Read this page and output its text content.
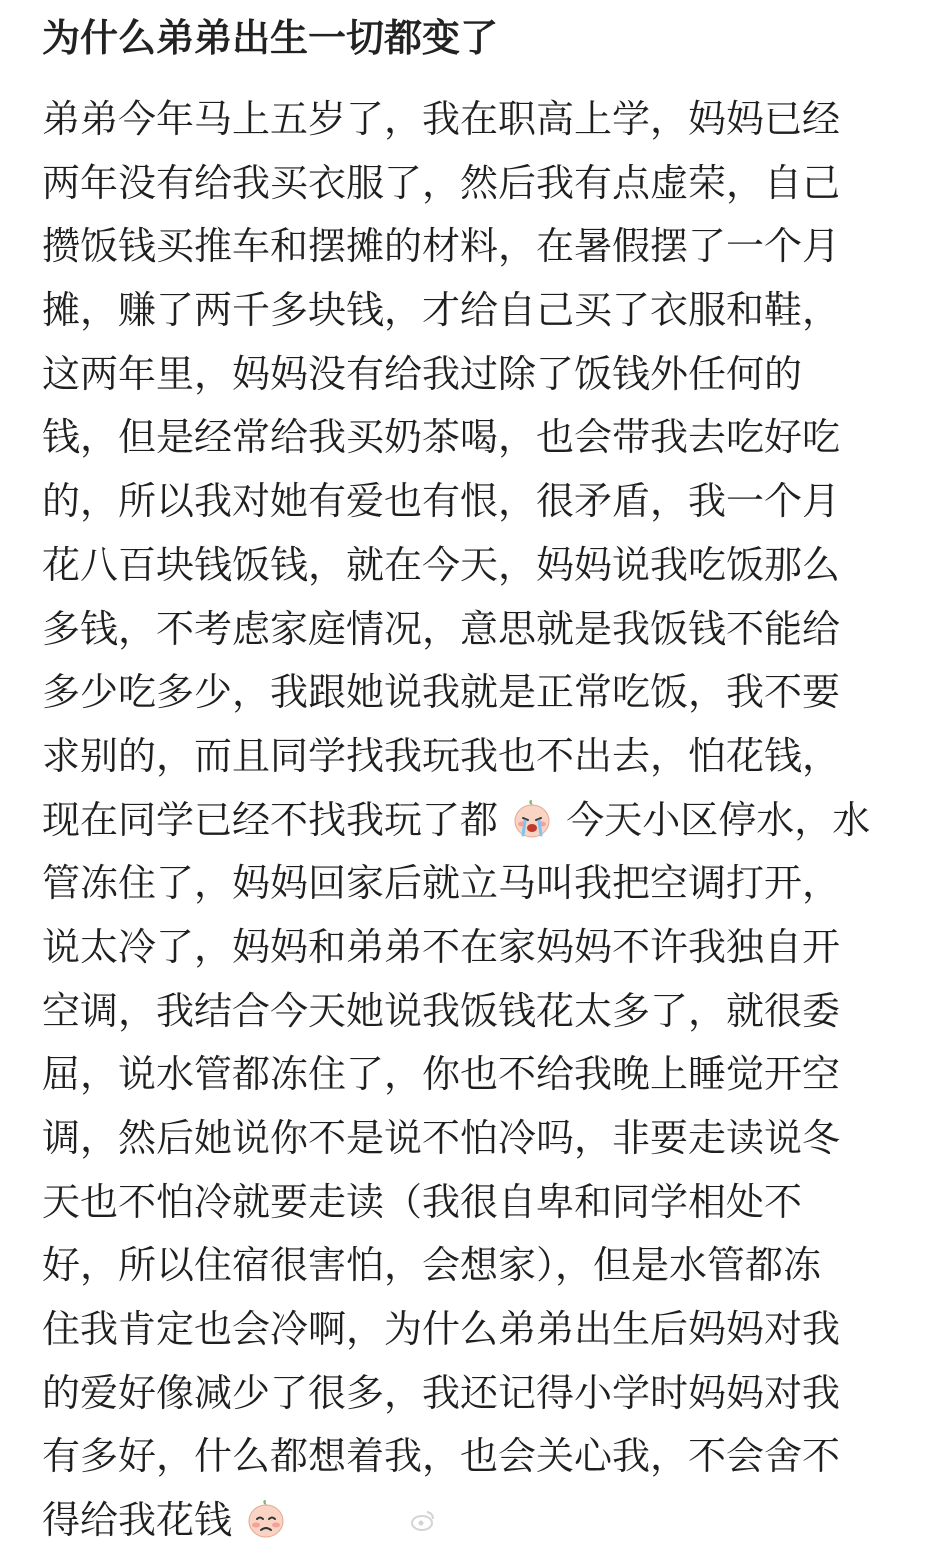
为什么弟弟出生一切都变了
弟弟今年马上五岁了，我在职高上学，妈妈已经
两年没有给我买衣服了，然后我有点虚荣，自己
攒饭钱买推车和摆摊的材料，在暑假摆了一个月
摊，赚了两千多块钱，才给自己买了衣服和鞋，
这两年里，妈妈没有给我过除了饭钱外任何的
钱，但是经常给我买奶茶喝，也会带我去吃好吃
的，所以我对她有爱也有恨，很矛盾，我一个月
花八百块钱饭钱，就在今天，妈妈说我吃饭那么
多钱，不考虑家庭情况，意思就是我饭钱不能给
多少吃多少，我跟她说我就是正常吃饭，我不要
求别的，而且同学找我玩我也不出去，怕花钱，
现在同学已经不找我玩了都 今天小区停水，水
管冻住了，妈妈回家后就立马叫我把空调打开，
说太冷了，妈妈和弟弟不在家妈妈不许我独自开
空调，我结合今天她说我饭钱花太多了，就很委
屈，说水管都冻住了，你也不给我晚上睡觉开空
调，然后她说你不是说不怕冷吗，非要走读说冬
天也不怕冷就要走读（我很自卑和同学相处不
好，所以住宿很害怕，会想家），但是水管都冻
住我肯定也会冷啊，为什么弟弟出生后妈妈对我
的爱好像减少了很多，我还记得小学时妈妈对我
有多好，什么都想着我，也会关心我，不会舍不
得给我花钱
